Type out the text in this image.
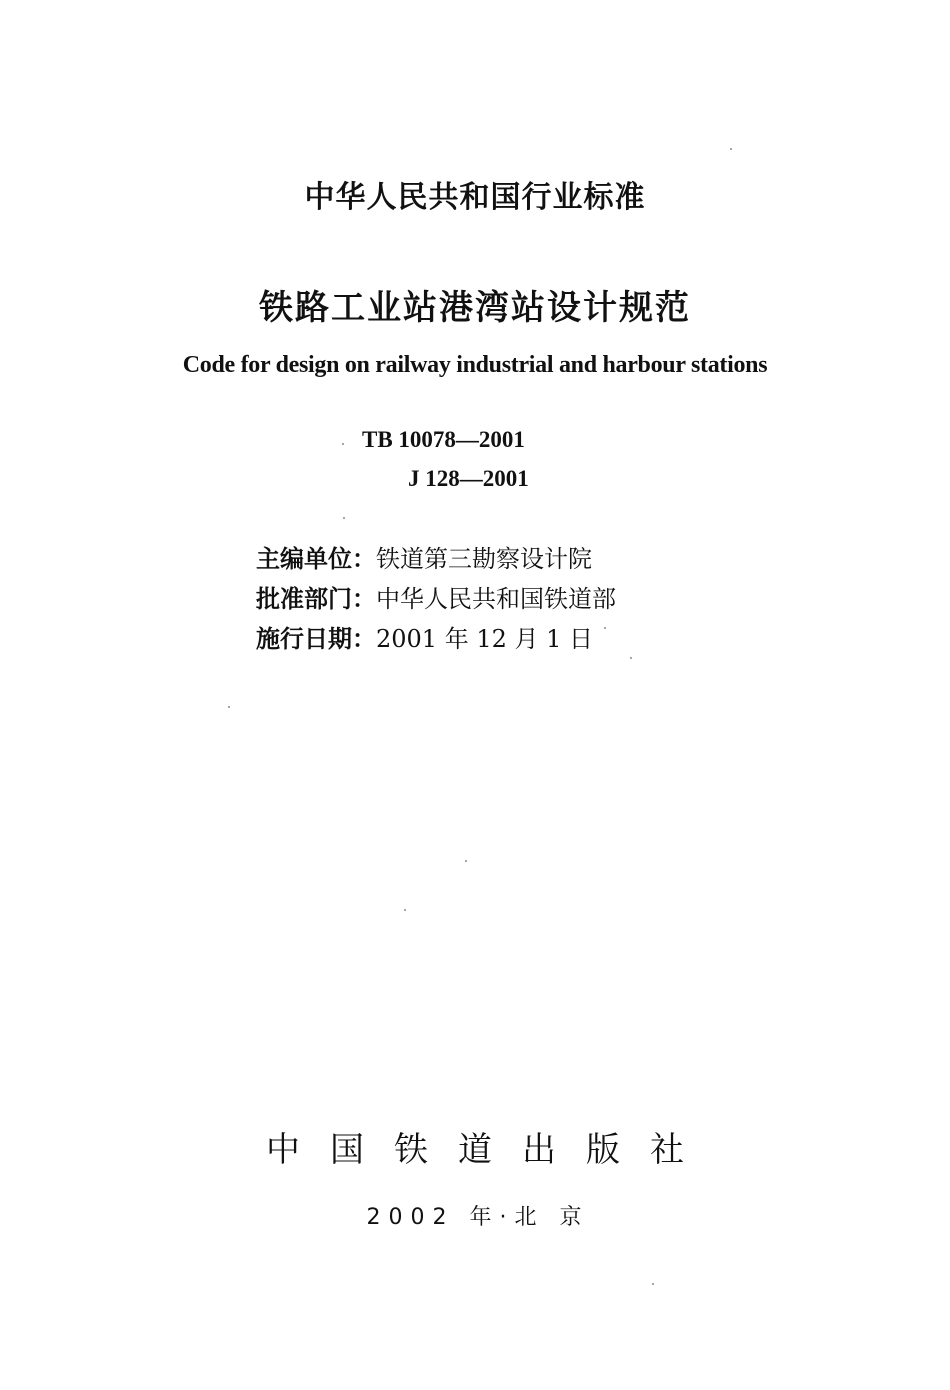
中华人民共和国行业标准
铁路工业站港湾站设计规范
Code for design on railway industrial and harbour stations
TB 10078—2001
J 128—2001
主编单位：铁道第三勘察设计院
批准部门：中华人民共和国铁道部
施行日期：2001 年 12 月 1 日
中国铁道出版社
2002 年·北 京
